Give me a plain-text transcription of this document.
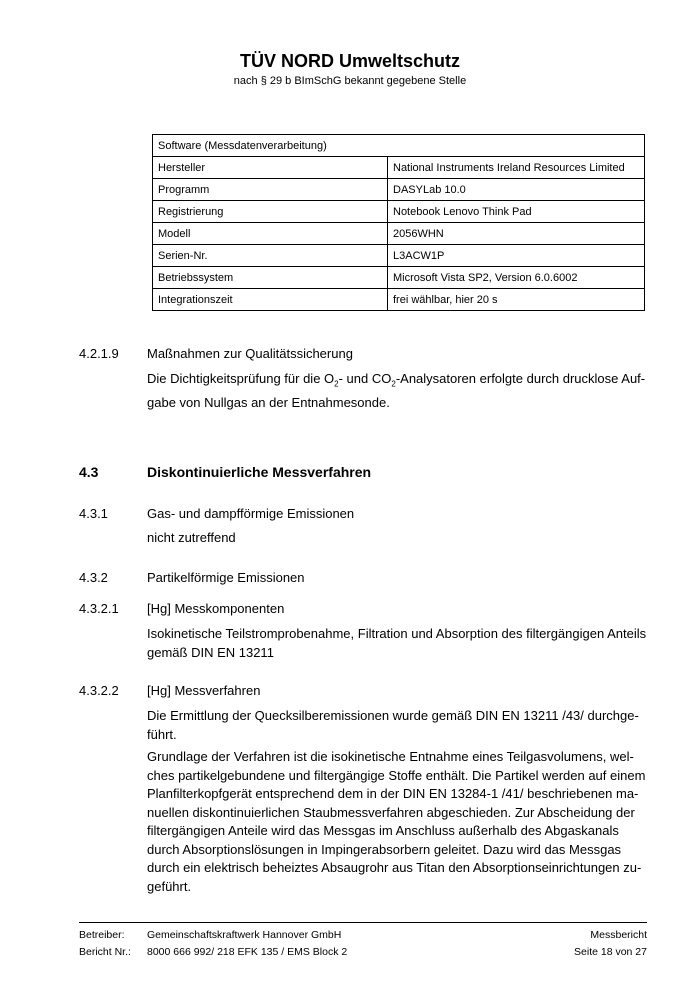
TÜV NORD Umweltschutz
nach § 29 b BImSchG bekannt gegebene Stelle
Software (Messdatenverarbeitung)	
Hersteller	National Instruments Ireland Resources Limited
Programm	DASYLab 10.0
Registrierung	Notebook Lenovo Think Pad
Modell	2056WHN
Serien-Nr.	L3ACW1P
Betriebssystem	Microsoft Vista SP2, Version 6.0.6002
Integrationszeit	frei wählbar, hier 20 s
4.2.1.9 Maßnahmen zur Qualitätssicherung
Die Dichtigkeitsprüfung für die $O_2-$ und $CO_2$-Analysatoren erfolgte durch drucklose Auf-
gabe von Nullgas an der Entnahmesonde.
4.3	Diskontinuierliche Messverfahren
4.3.1	Gas- und dampfförmige Emissionen
nicht zutreffend
4.3.2	Partikelförmige Emissionen
4.3.2.1 [Hg] Messkomponenten
Isokinetische Teilstromprobenahme, Filtration und Absorption des filtergängigen Anteils
gemäß DIN EN 13211
4.3.2.2 [Hg] Messverfahren
Die Ermittlung der Quecksilberemissionen wurde gemäß DIN EN 13211 /43/ durchge-
führt.
Grundlage der Verfahren ist die isokinetische Entnahme eines Teilgasvolumens, wel-
ches partikelgebundene und filtergängige Stoffe enthält. Die Partikel werden auf einem
Planfilterkopfgerät entsprechend dem in der DIN EN 13284-1 /41/ beschriebenen ma-
nuellen diskontinuierlichen Staubmessverfahren abgeschieden. Zur Abscheidung der
filtergängigen Anteile wird das Messgas im Anschluss außerhalb des Abgaskanals
durch Absorptionslösungen in Impingerabsorbern geleitet. Dazu wird das Messgas
durch ein elektrisch beheiztes Absaugrohr aus Titan den Absorptionseinrichtungen zu-
geführt.
Betreiber: Gemeinschaftskraftwerk Hannover GmbH	Messbericht
Bericht Nr.: 8000 666 992/ 218 EFK 135 / EMS Block 2	Seite 18 von 27
